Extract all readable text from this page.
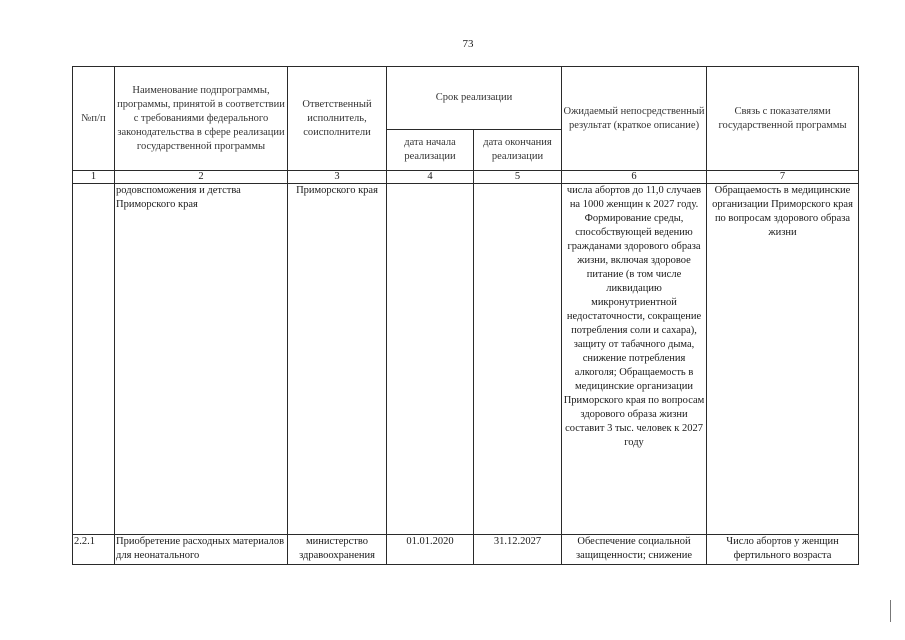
73
№п/п	Наименование подпрограммы, программы, принятой в соответствии с требованиями федерального законодательства в сфере реализации государственной программы	Ответственный исполнитель, соисполнители	Срок реализации		Ожидаемый непосредственный результат (краткое описание)	Связь с показателями государственной программы
			дата начала реализации	дата окончания реализации		
1	2	3	4	5	6	7
	родовспоможения и детства Приморского края	Приморского края			числа абортов до 11,0 случаев на 1000 женщин к 2027 году. Формирование среды, способствующей ведению гражданами здорового образа жизни, включая здоровое питание (в том числе ликвидацию микронутриентной недостаточности, сокращение потребления соли и сахара), защиту от табачного дыма, снижение потребления алкоголя; Обращаемость в медицинские организации Приморского края по вопросам здорового образа жизни составит 3 тыс. человек к 2027 году	Обращаемость в медицинские организации Приморского края по вопросам здорового образа жизни
2.2.1	Приобретение расходных материалов для неонатального	министерство здравоохранения	01.01.2020	31.12.2027	Обеспечение социальной защищенности; снижение	Число абортов у женщин фертильного возраста
